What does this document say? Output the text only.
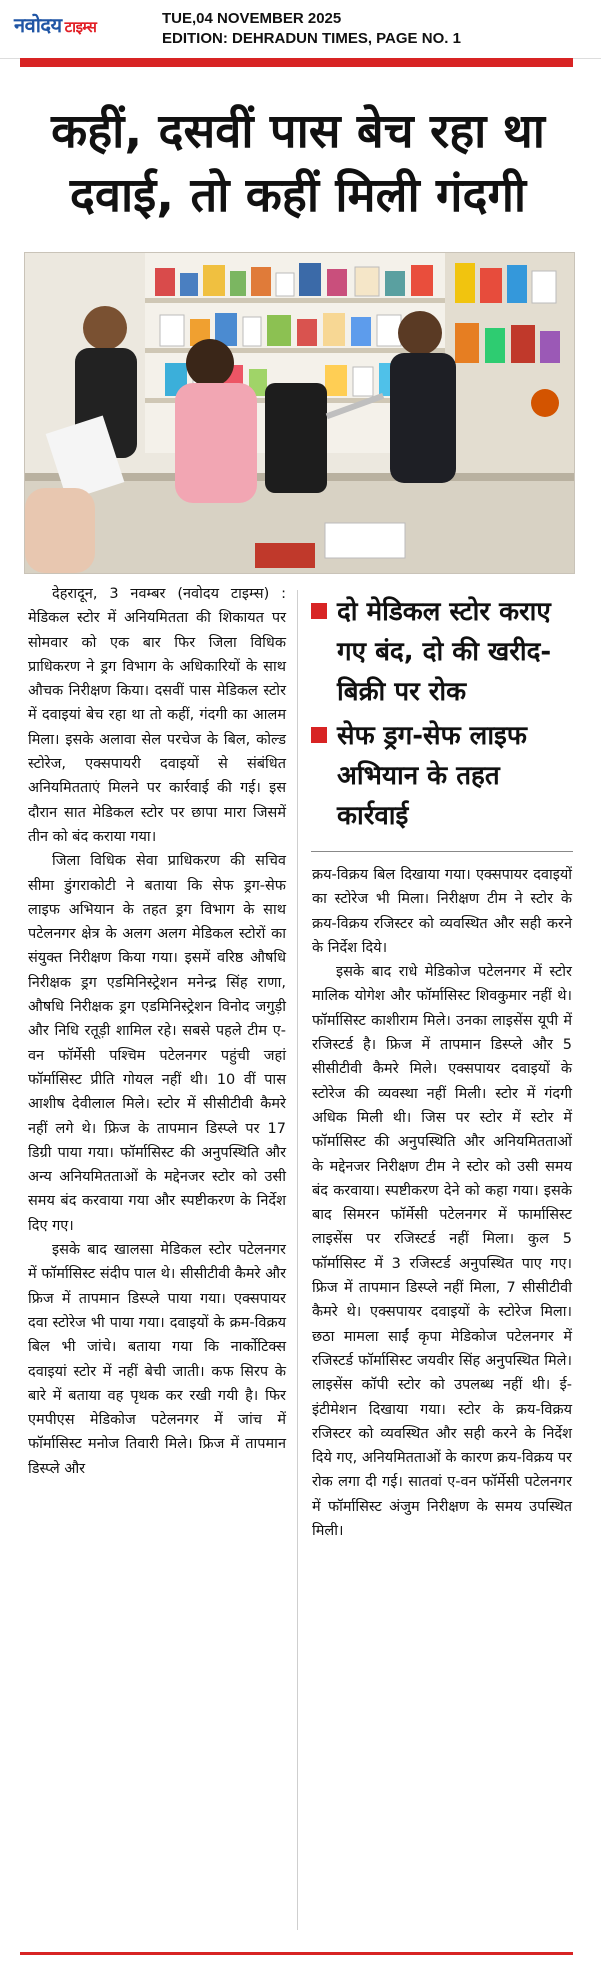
नवोदय टाइम्स	TUE,04 NOVEMBER 2025
EDITION: DEHRADUN TIMES, PAGE NO. 1
कहीं, दसवीं पास बेच रहा था
दवाई, तो कहीं मिली गंदगी

देहरादून, 3 नवम्बर (नवोदय टाइम्स) : मेडिकल स्टोर में अनियमितता की शिकायत पर सोमवार को एक बार फिर जिला विधिक प्राधिकरण ने ड्रग विभाग के अधिकारियों के साथ औचक निरीक्षण किया। दसवीं पास मेडिकल स्टोर में दवाइयां बेच रहा था तो कहीं, गंदगी का आलम मिला। इसके अलावा सेल परचेज के बिल, कोल्ड स्टोरेज, एक्सपायरी दवाइयों से संबंधित अनियमितताएं मिलने पर कार्रवाई की गई। इस दौरान सात मेडिकल स्टोर पर छापा मारा जिसमें तीन को बंद कराया गया।

जिला विधिक सेवा प्राधिकरण की सचिव सीमा डुंगराकोटी ने बताया कि सेफ ड्रग-सेफ लाइफ अभियान के तहत ड्रग विभाग के साथ पटेलनगर क्षेत्र के अलग अलग मेडिकल स्टोरों का संयुक्त निरीक्षण किया गया। इसमें वरिष्ठ औषधि निरीक्षक ड्रग एडमिनिस्ट्रेशन मनेन्द्र सिंह राणा, औषधि निरीक्षक ड्रग एडमिनिस्ट्रेशन विनोद जगुड़ी और निधि रतूड़ी शामिल रहे। सबसे पहले टीम ए-वन फॉर्मेसी पश्चिम पटेलनगर पहुंची जहां फॉर्मासिस्ट प्रीति गोयल नहीं थी। 10 वीं पास आशीष देवीलाल मिले। स्टोर में सीसीटीवी कैमरे नहीं लगे थे। फ्रिज के तापमान डिस्प्ले पर 17 डिग्री पाया गया। फॉर्मासिस्ट की अनुपस्थिति और अन्य अनियमितताओं के मद्देनजर स्टोर को उसी समय बंद करवाया गया और स्पष्टीकरण के निर्देश दिए गए।

इसके बाद खालसा मेडिकल स्टोर पटेलनगर में फॉर्मासिस्ट संदीप पाल थे। सीसीटीवी कैमरे और फ्रिज में तापमान डिस्प्ले पाया गया। एक्सपायर दवा स्टोरेज भी पाया गया। दवाइयों के क्रम-विक्रय बिल भी जांचे। बताया गया कि नार्कोटिक्स दवाइयां स्टोर में नहीं बेची जाती। कफ सिरप के बारे में बताया वह पृथक कर रखी गयी है। फिर एमपीएस मेडिकोज पटेलनगर में जांच में फॉर्मासिस्ट मनोज तिवारी मिले। फ्रिज में तापमान डिस्प्ले और

दो मेडिकल स्टोर कराए गए बंद, दो की खरीद-बिक्री पर रोक
सेफ ड्रग-सेफ लाइफ अभियान के तहत कार्रवाई

क्रय-विक्रय बिल दिखाया गया। एक्सपायर दवाइयों का स्टोरेज भी मिला। निरीक्षण टीम ने स्टोर के क्रय-विक्रय रजिस्टर को व्यवस्थित और सही करने के निर्देश दिये।

इसके बाद राधे मेडिकोज पटेलनगर में स्टोर मालिक योगेश और फॉर्मासिस्ट शिवकुमार नहीं थे। फॉर्मासिस्ट काशीराम मिले। उनका लाइसेंस यूपी में रजिस्टर्ड है। फ्रिज में तापमान डिस्प्ले और 5 सीसीटीवी कैमरे मिले। एक्सपायर दवाइयों के स्टोरेज की व्यवस्था नहीं मिली। स्टोर में गंदगी अधिक मिली थी। जिस पर स्टोर में स्टोर में फॉर्मासिस्ट की अनुपस्थिति और अनियमितताओं के मद्देनजर निरीक्षण टीम ने स्टोर को उसी समय बंद करवाया। स्पष्टीकरण देने को कहा गया। इसके बाद सिमरन फॉर्मेसी पटेलनगर में फार्मासिस्ट लाइसेंस पर रजिस्टर्ड नहीं मिला। कुल 5 फॉर्मासिस्ट में 3 रजिस्टर्ड अनुपस्थित पाए गए। फ्रिज में तापमान डिस्प्ले नहीं मिला, 7 सीसीटीवी कैमरे थे। एक्सपायर दवाइयों के स्टोरेज मिला। छठा मामला साईं कृपा मेडिकोज पटेलनगर में रजिस्टर्ड फॉर्मासिस्ट जयवीर सिंह अनुपस्थित मिले। लाइसेंस कॉपी स्टोर को उपलब्ध नहीं थी। ई-इंटीमेशन दिखाया गया। स्टोर के क्रय-विक्रय रजिस्टर को व्यवस्थित और सही करने के निर्देश दिये गए, अनियमितताओं के कारण क्रय-विक्रय पर रोक लगा दी गई। सातवां ए-वन फॉर्मेसी पटेलनगर में फॉर्मासिस्ट अंजुम निरीक्षण के समय उपस्थित मिली।
